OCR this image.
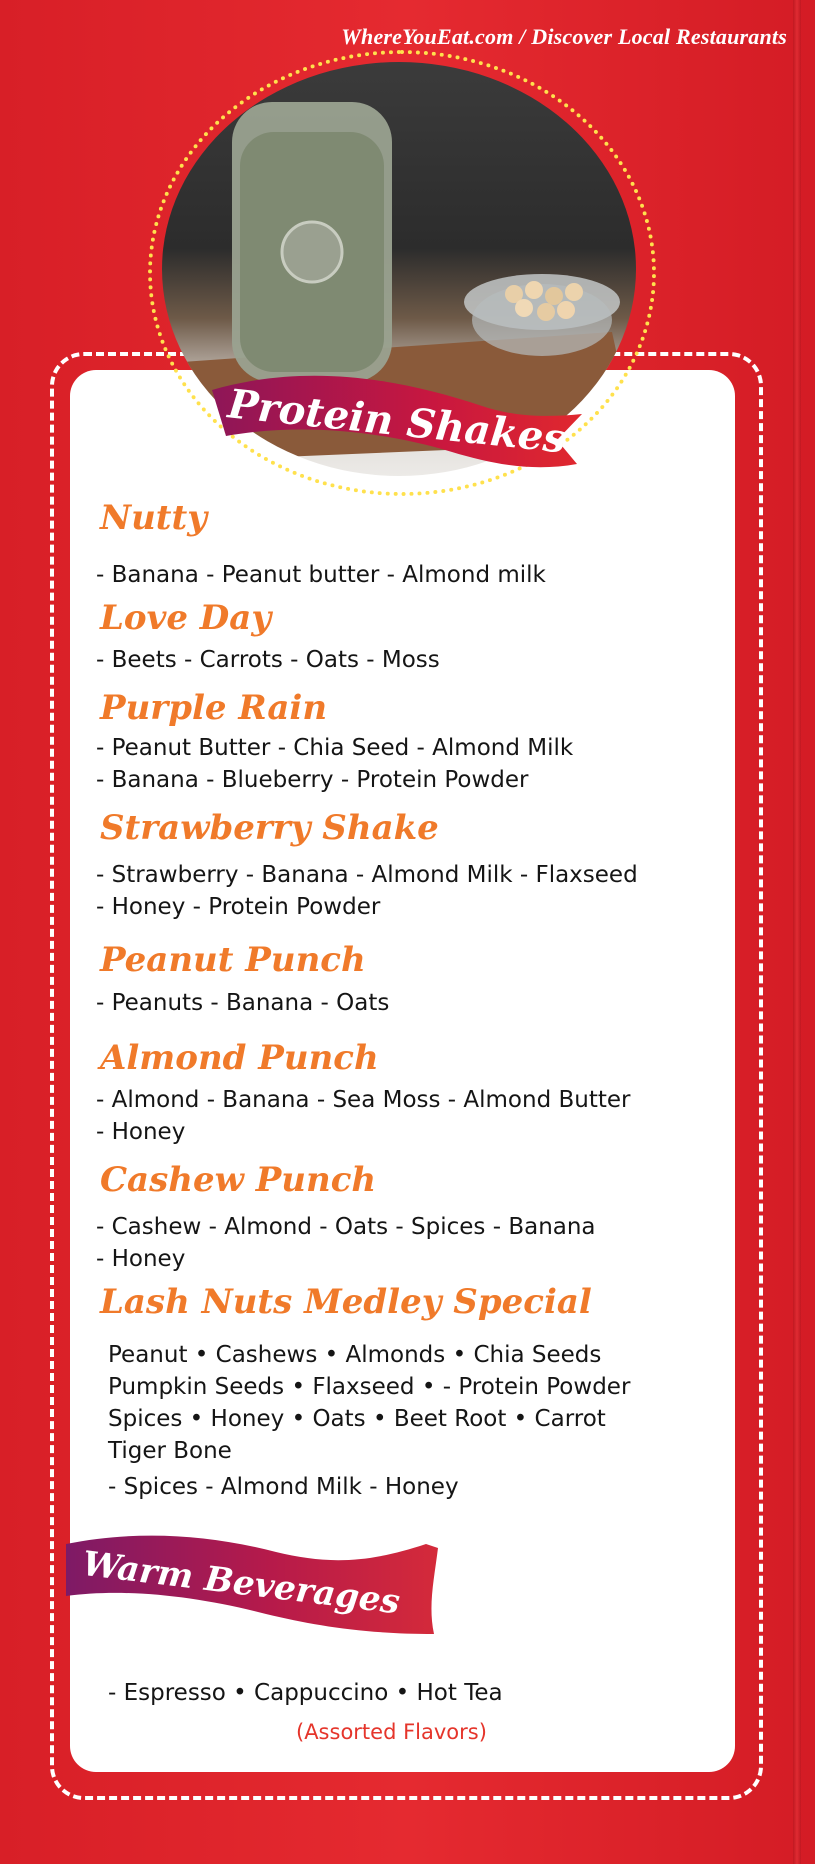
WhereYouEat.com / Discover Local Restaurants
Protein Shakes
Nutty
- Banana - Peanut butter - Almond milk
Love Day
- Beets - Carrots - Oats - Moss
Purple Rain
- Peanut Butter - Chia Seed - Almond Milk
- Banana - Blueberry - Protein Powder
Strawberry Shake
- Strawberry - Banana - Almond Milk - Flaxseed
- Honey - Protein Powder
Peanut Punch
- Peanuts - Banana - Oats
Almond Punch
- Almond - Banana - Sea Moss - Almond Butter
- Honey
Cashew Punch
- Cashew - Almond - Oats - Spices - Banana
- Honey
Lash Nuts Medley Special
Peanut • Cashews • Almonds • Chia Seeds
Pumpkin Seeds • Flaxseed • - Protein Powder
Spices • Honey • Oats • Beet Root • Carrot
Tiger Bone
- Spices - Almond Milk - Honey
Warm Beverages
- Espresso • Cappuccino • Hot Tea
(Assorted Flavors)
